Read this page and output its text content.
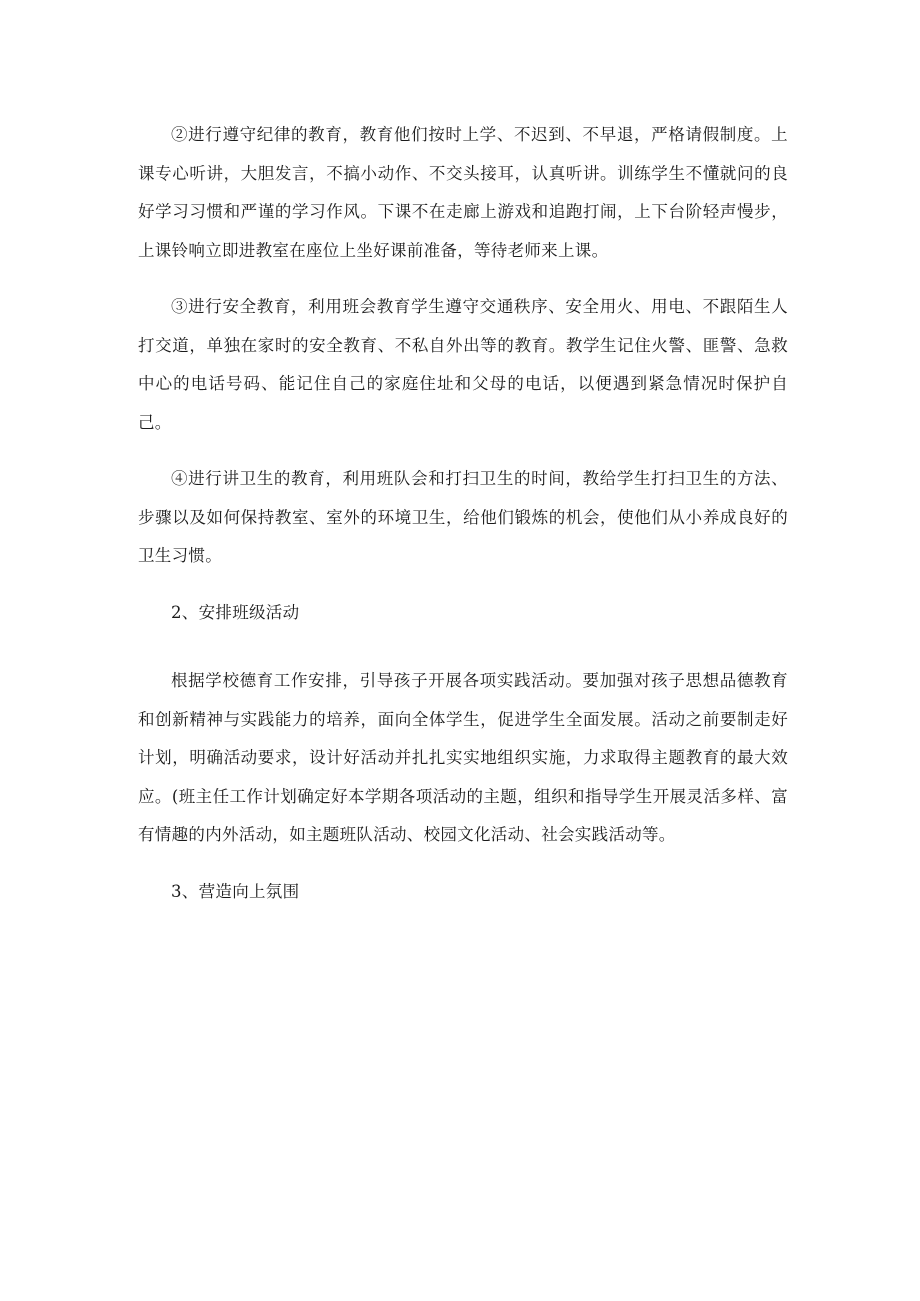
②进行遵守纪律的教育，教育他们按时上学、不迟到、不早退，严格请假制度。上课专心听讲，大胆发言，不搞小动作、不交头接耳，认真听讲。训练学生不懂就问的良好学习习惯和严谨的学习作风。下课不在走廊上游戏和追跑打闹，上下台阶轻声慢步，上课铃响立即进教室在座位上坐好课前准备，等待老师来上课。

③进行安全教育，利用班会教育学生遵守交通秩序、安全用火、用电、不跟陌生人打交道，单独在家时的安全教育、不私自外出等的教育。教学生记住火警、匪警、急救中心的电话号码、能记住自己的家庭住址和父母的电话，以便遇到紧急情况时保护自己。

④进行讲卫生的教育，利用班队会和打扫卫生的时间，教给学生打扫卫生的方法、步骤以及如何保持教室、室外的环境卫生，给他们锻炼的机会，使他们从小养成良好的卫生习惯。

2、安排班级活动

根据学校德育工作安排，引导孩子开展各项实践活动。要加强对孩子思想品德教育和创新精神与实践能力的培养，面向全体学生，促进学生全面发展。活动之前要制走好计划，明确活动要求，设计好活动并扎扎实实地组织实施，力求取得主题教育的最大效应。(班主任工作计划确定好本学期各项活动的主题，组织和指导学生开展灵活多样、富有情趣的内外活动，如主题班队活动、校园文化活动、社会实践活动等。

3、营造向上氛围
